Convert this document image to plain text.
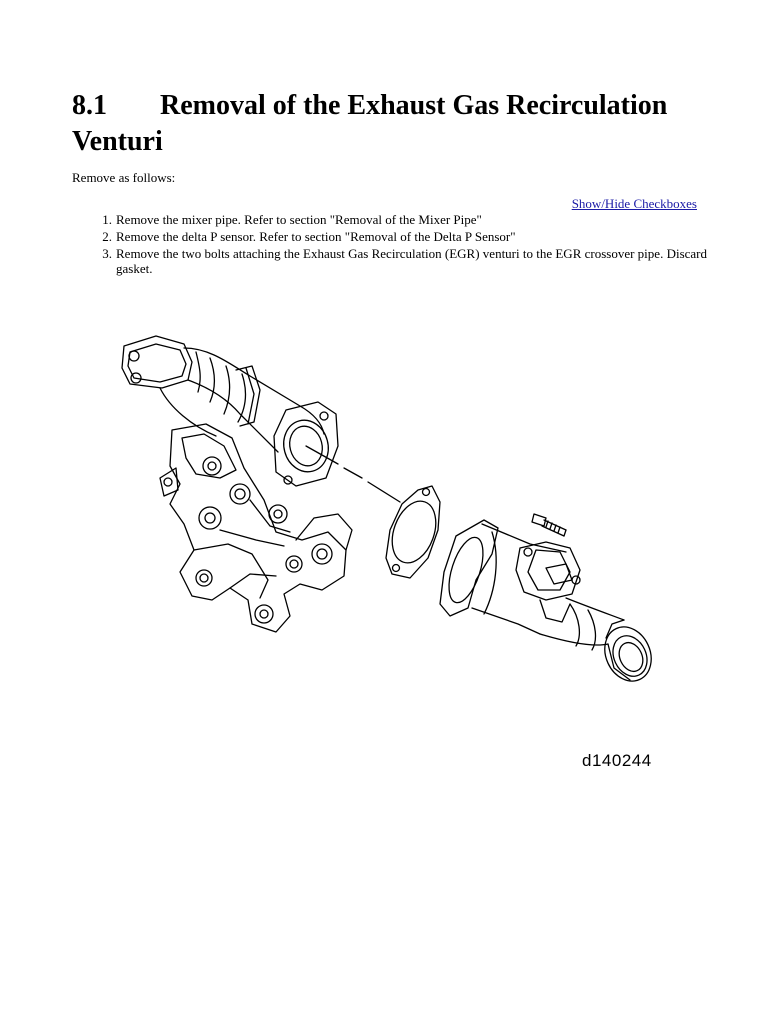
8.1 Removal of the Exhaust Gas Recirculation Venturi
Remove as follows:
Show/Hide Checkboxes
1. Remove the mixer pipe. Refer to section "Removal of the Mixer Pipe"
2. Remove the delta P sensor. Refer to section "Removal of the Delta P Sensor"
3. Remove the two bolts attaching the Exhaust Gas Recirculation (EGR) venturi to the EGR crossover pipe. Discard gasket.
d140244
